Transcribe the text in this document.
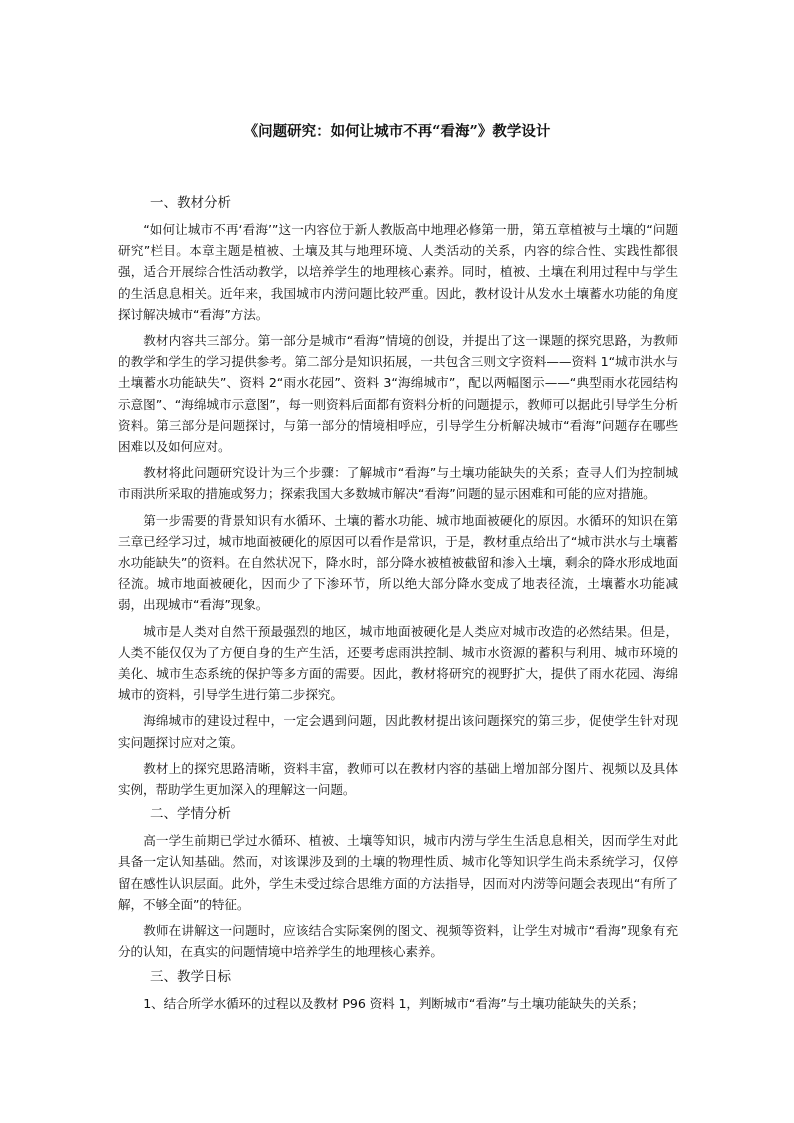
《问题研究：如何让城市不再“看海”》教学设计
一、教材分析

“如何让城市不再‘看海’”这一内容位于新人教版高中地理必修第一册，第五章植被与土壤的“问题研究”栏目。本章主题是植被、土壤及其与地理环境、人类活动的关系，内容的综合性、实践性都很强，适合开展综合性活动教学，以培养学生的地理核心素养。同时，植被、土壤在利用过程中与学生的生活息息相关。近年来，我国城市内涝问题比较严重。因此，教材设计从发水土壤蓄水功能的角度探讨解决城市“看海”方法。

教材内容共三部分。第一部分是城市“看海”情境的创设，并提出了这一课题的探究思路，为教师的教学和学生的学习提供参考。第二部分是知识拓展，一共包含三则文字资料——资料 1“城市洪水与土壤蓄水功能缺失”、资料 2“雨水花园”、资料 3“海绵城市”，配以两幅图示——“典型雨水花园结构示意图”、“海绵城市示意图”，每一则资料后面都有资料分析的问题提示，教师可以据此引导学生分析资料。第三部分是问题探讨，与第一部分的情境相呼应，引导学生分析解决城市“看海”问题存在哪些困难以及如何应对。

教材将此问题研究设计为三个步骤：了解城市“看海”与土壤功能缺失的关系；查寻人们为控制城市雨洪所采取的措施或努力；探索我国大多数城市解决“看海”问题的显示困难和可能的应对措施。

第一步需要的背景知识有水循环、土壤的蓄水功能、城市地面被硬化的原因。水循环的知识在第三章已经学习过，城市地面被硬化的原因可以看作是常识，于是，教材重点给出了“城市洪水与土壤蓄水功能缺失”的资料。在自然状况下，降水时，部分降水被植被截留和渗入土壤，剩余的降水形成地面径流。城市地面被硬化，因而少了下渗环节，所以绝大部分降水变成了地表径流，土壤蓄水功能减弱，出现城市“看海”现象。

城市是人类对自然干预最强烈的地区，城市地面被硬化是人类应对城市改造的必然结果。但是，人类不能仅仅为了方便自身的生产生活，还要考虑雨洪控制、城市水资源的蓄积与利用、城市环境的美化、城市生态系统的保护等多方面的需要。因此，教材将研究的视野扩大，提供了雨水花园、海绵城市的资料，引导学生进行第二步探究。

海绵城市的建设过程中，一定会遇到问题，因此教材提出该问题探究的第三步，促使学生针对现实问题探讨应对之策。

教材上的探究思路清晰，资料丰富，教师可以在教材内容的基础上增加部分图片、视频以及具体实例，帮助学生更加深入的理解这一问题。

二、学情分析

高一学生前期已学过水循环、植被、土壤等知识，城市内涝与学生生活息息相关，因而学生对此具备一定认知基础。然而，对该课涉及到的土壤的物理性质、城市化等知识学生尚未系统学习，仅停留在感性认识层面。此外，学生未受过综合思维方面的方法指导，因而对内涝等问题会表现出“有所了解，不够全面”的特征。

教师在讲解这一问题时，应该结合实际案例的图文、视频等资料，让学生对城市“看海”现象有充分的认知，在真实的问题情境中培养学生的地理核心素养。

三、教学日标

1、结合所学水循环的过程以及教材 P96 资料 1，判断城市“看海”与土壤功能缺失的关系；
